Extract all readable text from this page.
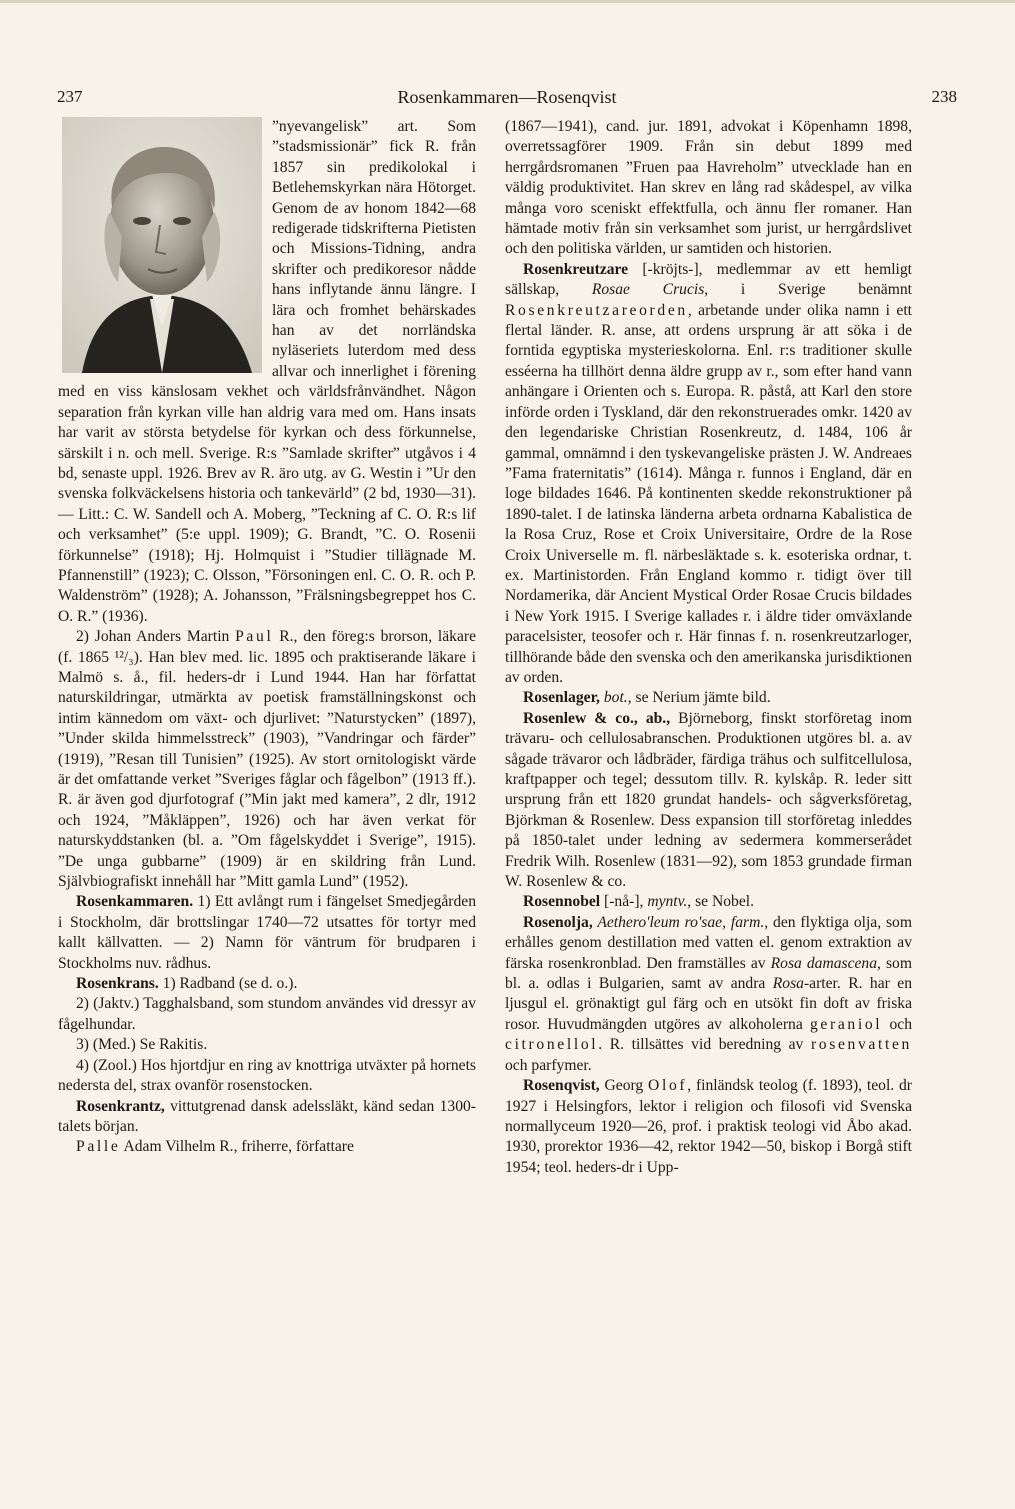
237	Rosenkammaren—Rosenqvist	238

”nyevangelisk” art. Som ”stadsmissionär” fick R. från 1857 sin predikolokal i Betlehemskyrkan nära Hötorget. Genom de av honom 1842—68 redigerade tidskrifterna Pietisten och Missions-Tidning, andra skrifter och predikoresor nådde hans inflytande ännu längre. I lära och fromhet behärskades han av det norrländska nyläseriets luterdom med dess allvar och innerlighet i förening med en viss känslosam vekhet och världsfrånvändhet. Någon separation från kyrkan ville han aldrig vara med om. Hans insats har varit av största betydelse för kyrkan och dess förkunnelse, särskilt i n. och mell. Sverige. R:s ”Samlade skrifter” utgåvos i 4 bd, senaste uppl. 1926. Brev av R. äro utg. av G. Westin i ”Ur den svenska folkväckelsens historia och tankevärld” (2 bd, 1930—31). — Litt.: C. W. Sandell och A. Moberg, ”Teckning af C. O. R:s lif och verksamhet” (5:e uppl. 1909); G. Brandt, ”C. O. Rosenii förkunnelse” (1918); Hj. Holmquist i ”Studier tillägnade M. Pfannenstill” (1923); C. Olsson, ”Försoningen enl. C. O. R. och P. Waldenström” (1928); A. Johansson, ”Frälsningsbegreppet hos C. O. R.” (1936).

2) Johan Anders Martin Paul R., den föreg:s brorson, läkare (f. 1865 ¹²/₃). Han blev med. lic. 1895 och praktiserande läkare i Malmö s. å., fil. heders-dr i Lund 1944. Han har författat naturskildringar, utmärkta av poetisk framställningskonst och intim kännedom om växt- och djurlivet: ”Naturstycken” (1897), ”Under skilda himmelsstreck” (1903), ”Vandringar och färder” (1919), ”Resan till Tunisien” (1925). Av stort ornitologiskt värde är det omfattande verket ”Sveriges fåglar och fågelbon” (1913 ff.). R. är även god djurfotograf (”Min jakt med kamera”, 2 dlr, 1912 och 1924, ”Måkläppen”, 1926) och har även verkat för naturskyddstanken (bl. a. ”Om fågelskyddet i Sverige”, 1915). ”De unga gubbarne” (1909) är en skildring från Lund. Självbiografiskt innehåll har ”Mitt gamla Lund” (1952).

Rosenkammaren. 1) Ett avlångt rum i fängelset Smedjegården i Stockholm, där brottslingar 1740—72 utsattes för tortyr med kallt källvatten. — 2) Namn för väntrum för brudparen i Stockholms nuv. rådhus.

Rosenkrans. 1) Radband (se d. o.).

2) (Jaktv.) Tagghalsband, som stundom användes vid dressyr av fågelhundar.

3) (Med.) Se Rakitis.

4) (Zool.) Hos hjortdjur en ring av knottriga utväxter på hornets nedersta del, strax ovanför rosenstocken.

Rosenkrantz, vittutgrenad dansk adelssläkt, känd sedan 1300-talets början.

Palle Adam Vilhelm R., friherre, författare

(1867—1941), cand. jur. 1891, advokat i Köpenhamn 1898, overretssagförer 1909. Från sin debut 1899 med herrgårdsromanen ”Fruen paa Havreholm” utvecklade han en väldig produktivitet. Han skrev en lång rad skådespel, av vilka många voro sceniskt effektfulla, och ännu fler romaner. Han hämtade motiv från sin verksamhet som jurist, ur herrgårdslivet och den politiska världen, ur samtiden och historien.

Rosenkreutzare [-kröjts-], medlemmar av ett hemligt sällskap, Rosae Crucis, i Sverige benämnt Rosenkreutzareorden, arbetande under olika namn i ett flertal länder. R. anse, att ordens ursprung är att söka i de forntida egyptiska mysterieskolorna. Enl. r:s traditioner skulle esséerna ha tillhört denna äldre grupp av r., som efter hand vann anhängare i Orienten och s. Europa. R. påstå, att Karl den store införde orden i Tyskland, där den rekonstruerades omkr. 1420 av den legendariske Christian Rosenkreutz, d. 1484, 106 år gammal, omnämnd i den tyskevangeliske prästen J. W. Andreaes ”Fama fraternitatis” (1614). Många r. funnos i England, där en loge bildades 1646. På kontinenten skedde rekonstruktioner på 1890-talet. I de latinska länderna arbeta ordnarna Kabalistica de la Rosa Cruz, Rose et Croix Universitaire, Ordre de la Rose Croix Universelle m. fl. närbesläktade s. k. esoteriska ordnar, t. ex. Martinistorden. Från England kommo r. tidigt över till Nordamerika, där Ancient Mystical Order Rosae Crucis bildades i New York 1915. I Sverige kallades r. i äldre tider omväxlande paracelsister, teosofer och r. Här finnas f. n. rosenkreutzarloger, tillhörande både den svenska och den amerikanska jurisdiktionen av orden.

Rosenlager, bot., se Nerium jämte bild.

Rosenlew & co., ab., Björneborg, finskt storföretag inom trävaru- och cellulosabranschen. Produktionen utgöres bl. a. av sågade trävaror och lådbräder, färdiga trähus och sulfitcellulosa, kraftpapper och tegel; dessutom tillv. R. kylskåp. R. leder sitt ursprung från ett 1820 grundat handels- och sågverksföretag, Björkman & Rosenlew. Dess expansion till storföretag inleddes på 1850-talet under ledning av sedermera kommerserådet Fredrik Wilh. Rosenlew (1831—92), som 1853 grundade firman W. Rosenlew & co.

Rosennobel [-nå-], myntv., se Nobel.

Rosenolja, Aethero'leum ro'sae, farm., den flyktiga olja, som erhålles genom destillation med vatten el. genom extraktion av färska rosenkronblad. Den framställes av Rosa damascena, som bl. a. odlas i Bulgarien, samt av andra Rosa-arter. R. har en ljusgul el. grönaktigt gul färg och en utsökt fin doft av friska rosor. Huvudmängden utgöres av alkoholerna geraniol och citronellol. R. tillsättes vid beredning av rosenvatten och parfymer.

Rosenqvist, Georg Olof, finländsk teolog (f. 1893), teol. dr 1927 i Helsingfors, lektor i religion och filosofi vid Svenska normallyceum 1920—26, prof. i praktisk teologi vid Åbo akad. 1930, prorektor 1936—42, rektor 1942—50, biskop i Borgå stift 1954; teol. heders-dr i Upp-
